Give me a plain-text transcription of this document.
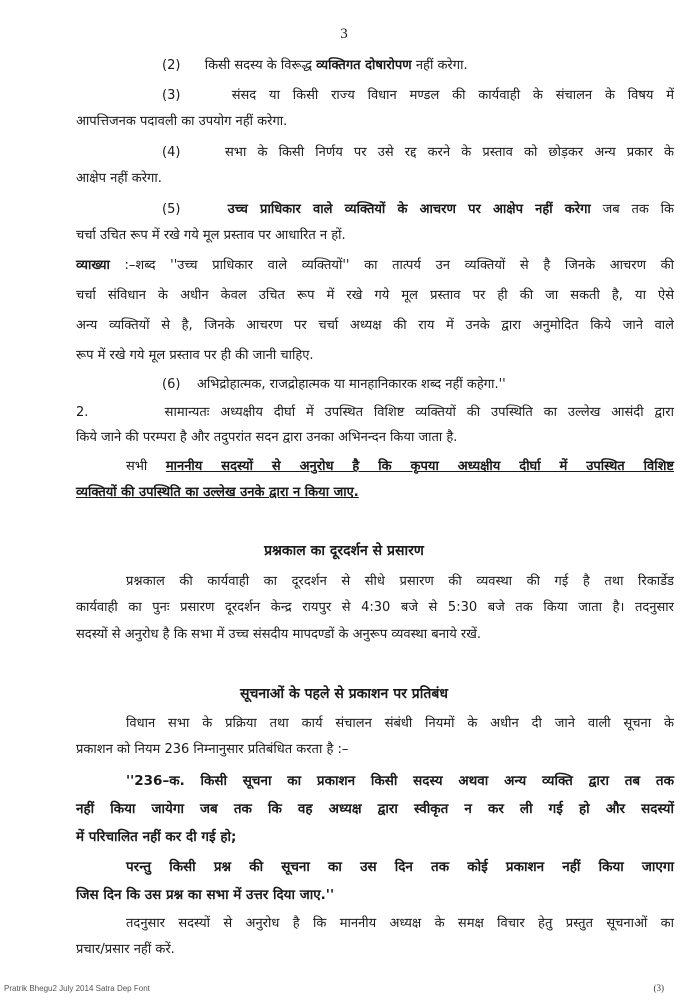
3
(2) किसी सदस्य के विरूद्ध व्यक्तिगत दोषारोपण नहीं करेगा.
(3)	संसद या किसी राज्य विधान मण्डल की कार्यवाही के संचालन के विषय में
आपत्तिजनक पदावली का उपयोग नहीं करेगा.
(4)	सभा के किसी निर्णय पर उसे रद्द करने के प्रस्ताव को छोड़कर अन्य प्रकार के
आक्षेप नहीं करेगा.
(5)	उच्च प्राधिकार वाले व्यक्तियों के आचरण पर आक्षेप नहीं करेगा जब तक कि
चर्चा उचित रूप में रखे गये मूल प्रस्ताव पर आधारित न हों.
व्याख्या :–शब्द ''उच्च प्राधिकार वाले व्यक्तियों'' का तात्पर्य उन व्यक्तियों से है जिनके आचरण की
चर्चा संविधान के अधीन केवल उचित रूप में रखे गये मूल प्रस्ताव पर ही की जा सकती है, या ऐसे
अन्य व्यक्तियों से है, जिनके आचरण पर चर्चा अध्यक्ष की राय में उनके द्वारा अनुमोदित किये जाने वाले
रूप में रखे गये मूल प्रस्ताव पर ही की जानी चाहिए.
(6) अभिद्रोहात्मक, राजद्रोहात्मक या मानहानिकारक शब्द नहीं कहेगा.''
2.	सामान्यतः अध्यक्षीय दीर्घा में उपस्थित विशिष्ट व्यक्तियों की उपस्थिति का उल्लेख आसंदी द्वारा
किये जाने की परम्परा है और तदुपरांत सदन द्वारा उनका अभिनन्दन किया जाता है.
सभी माननीय सदस्यों से अनुरोध है कि कृपया अध्यक्षीय दीर्घा में उपस्थित विशिष्ट
व्यक्तियों की उपस्थिति का उल्लेख उनके द्वारा न किया जाए.
प्रश्नकाल का दूरदर्शन से प्रसारण
प्रश्नकाल की कार्यवाही का दूरदर्शन से सीधे प्रसारण की व्यवस्था की गई है तथा रिकार्डेड
कार्यवाही का पुनः प्रसारण दूरदर्शन केन्द्र रायपुर से 4:30 बजे से 5:30 बजे तक किया जाता है। तदनुसार
सदस्यों से अनुरोध है कि सभा में उच्च संसदीय मापदण्डों के अनुरूप व्यवस्था बनाये रखें.
सूचनाओं के पहले से प्रकाशन पर प्रतिबंध
विधान सभा के प्रक्रिया तथा कार्य संचालन संबंधी नियमों के अधीन दी जाने वाली सूचना के
प्रकाशन को नियम 236 निम्नानुसार प्रतिबंधित करता है :–
''236–क. किसी सूचना का प्रकाशन किसी सदस्य अथवा अन्य व्यक्ति द्वारा तब तक
नहीं किया जायेगा जब तक कि वह अध्यक्ष द्वारा स्वीकृत न कर ली गई हो और सदस्यों
में परिचालित नहीं कर दी गई हो;
परन्तु किसी प्रश्न की सूचना का उस दिन तक कोई प्रकाशन नहीं किया जाएगा
जिस दिन कि उस प्रश्न का सभा में उत्तर दिया जाए.''
तदनुसार सदस्यों से अनुरोध है कि माननीय अध्यक्ष के समक्ष विचार हेतु प्रस्तुत सूचनाओं का
प्रचार/प्रसार नहीं करें.
Pratrik Bhegu2 July 2014 Satra Dep Font	(3)
